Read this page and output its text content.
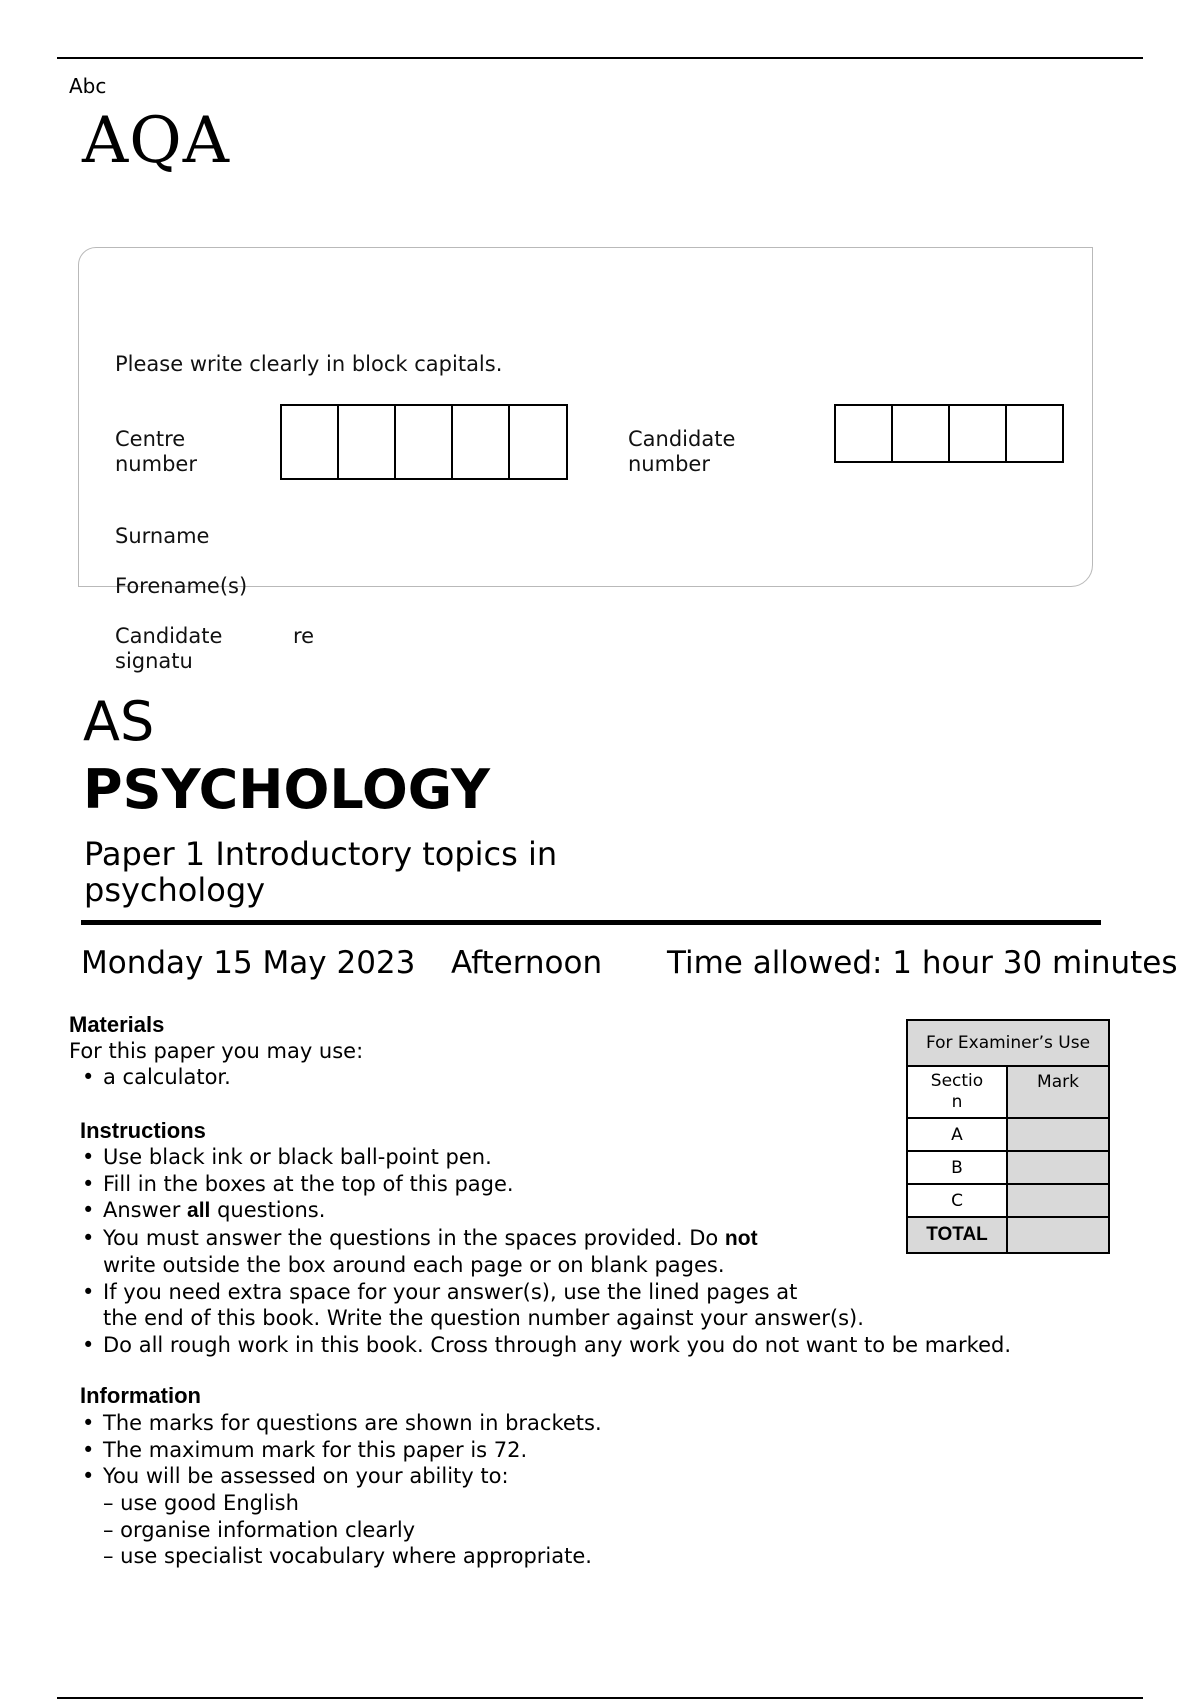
Abc
AQA
Please write clearly in block capitals.
Centre
number
Candidate
number
Surname
Forename(s)
Candidate
signatu
re
AS
PSYCHOLOGY
Paper 1 Introductory topics in psychology
Monday 15 May 2023 Afternoon Time allowed: 1 hour 30 minutes
Materials
For this paper you may use:
• a calculator.
Instructions
• Use black ink or black ball-point pen.
• Fill in the boxes at the top of this page.
• Answer all questions.
• You must answer the questions in the spaces provided. Do not
write outside the box around each page or on blank pages.
• If you need extra space for your answer(s), use the lined pages at
the end of this book. Write the question number against your answer(s).
• Do all rough work in this book. Cross through any work you do not want to be marked.
Information
• The marks for questions are shown in brackets.
• The maximum mark for this paper is 72.
• You will be assessed on your ability to:
– use good English
– organise information clearly
– use specialist vocabulary where appropriate.
For Examiner’s Use	

Sectio
n	Mark
A	
B	
C	
TOTAL	
